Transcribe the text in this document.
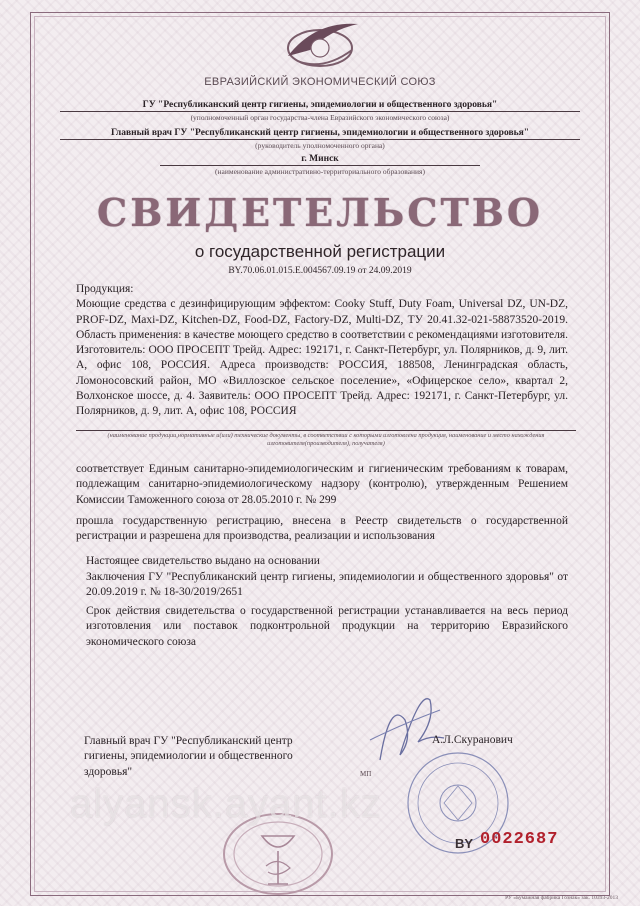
ЕВРАЗИЙСКИЙ ЭКОНОМИЧЕСКИЙ СОЮЗ
ГУ "Республиканский центр гигиены, эпидемиологии и общественного здоровья"
(уполномоченный орган государства-члена Евразийского экономического союза)
Главный врач ГУ "Республиканский центр гигиены, эпидемиологии и общественного здоровья"
(руководитель уполномоченного органа)
г. Минск
(наименование административно-территориального образования)
СВИДЕТЕЛЬСТВО
о государственной регистрации
BY.70.06.01.015.E.004567.09.19 от 24.09.2019
Продукция:
Моющие средства с дезинфицирующим эффектом: Cooky Stuff, Duty Foam, Universal DZ, UN-DZ, PROF-DZ, Maxi-DZ, Kitchen-DZ, Food-DZ, Factory-DZ, Multi-DZ, ТУ 20.41.32-021-58873520-2019. Область применения: в качестве моющего средство в соответствии с рекомендациями изготовителя. Изготовитель: ООО ПРОСЕПТ Трейд. Адрес: 192171, г. Санкт-Петербург, ул. Полярников, д. 9, лит. А, офис 108, РОССИЯ. Адреса производств: РОССИЯ, 188508, Ленинградская область, Ломоносовский район, МО «Виллозское сельское поселение», «Офицерское село», квартал 2, Волхонское шоссе, д. 4. Заявитель: ООО ПРОСЕПТ Трейд. Адрес: 192171, г. Санкт-Петербург, ул. Полярников, д. 9, лит. А, офис 108, РОССИЯ
(наименование продукции,нормативные и(или) технические документы, в соответствии с которыми изготовлена продукция, наименование и место нахождения изготовителя(производителя), получателя)
соответствует Единым санитарно-эпидемиологическим и гигиеническим требованиям к товарам, подлежащим санитарно-эпидемиологическому надзору (контролю), утвержденным Решением Комиссии Таможенного союза от 28.05.2010 г. № 299
прошла государственную регистрацию, внесена в Реестр свидетельств о государственной регистрации и разрешена для производства, реализации и использования
Настоящее свидетельство выдано на основании
Заключения ГУ "Республиканский центр гигиены, эпидемиологии и общественного здоровья" от 20.09.2019 г. № 18-30/2019/2651
Срок действия свидетельства о государственной регистрации устанавливается на весь период изготовления или поставок подконтрольной продукции на территорию Евразийского экономического союза
Главный врач ГУ "Республиканский центр гигиены, эпидемиологии и общественного здоровья"
А.Л.Скуранович
МП
alyansk.ayant.kz
BY 0022687
РУ «Бумажная фабрика Гознак» зак. 10393-2013
